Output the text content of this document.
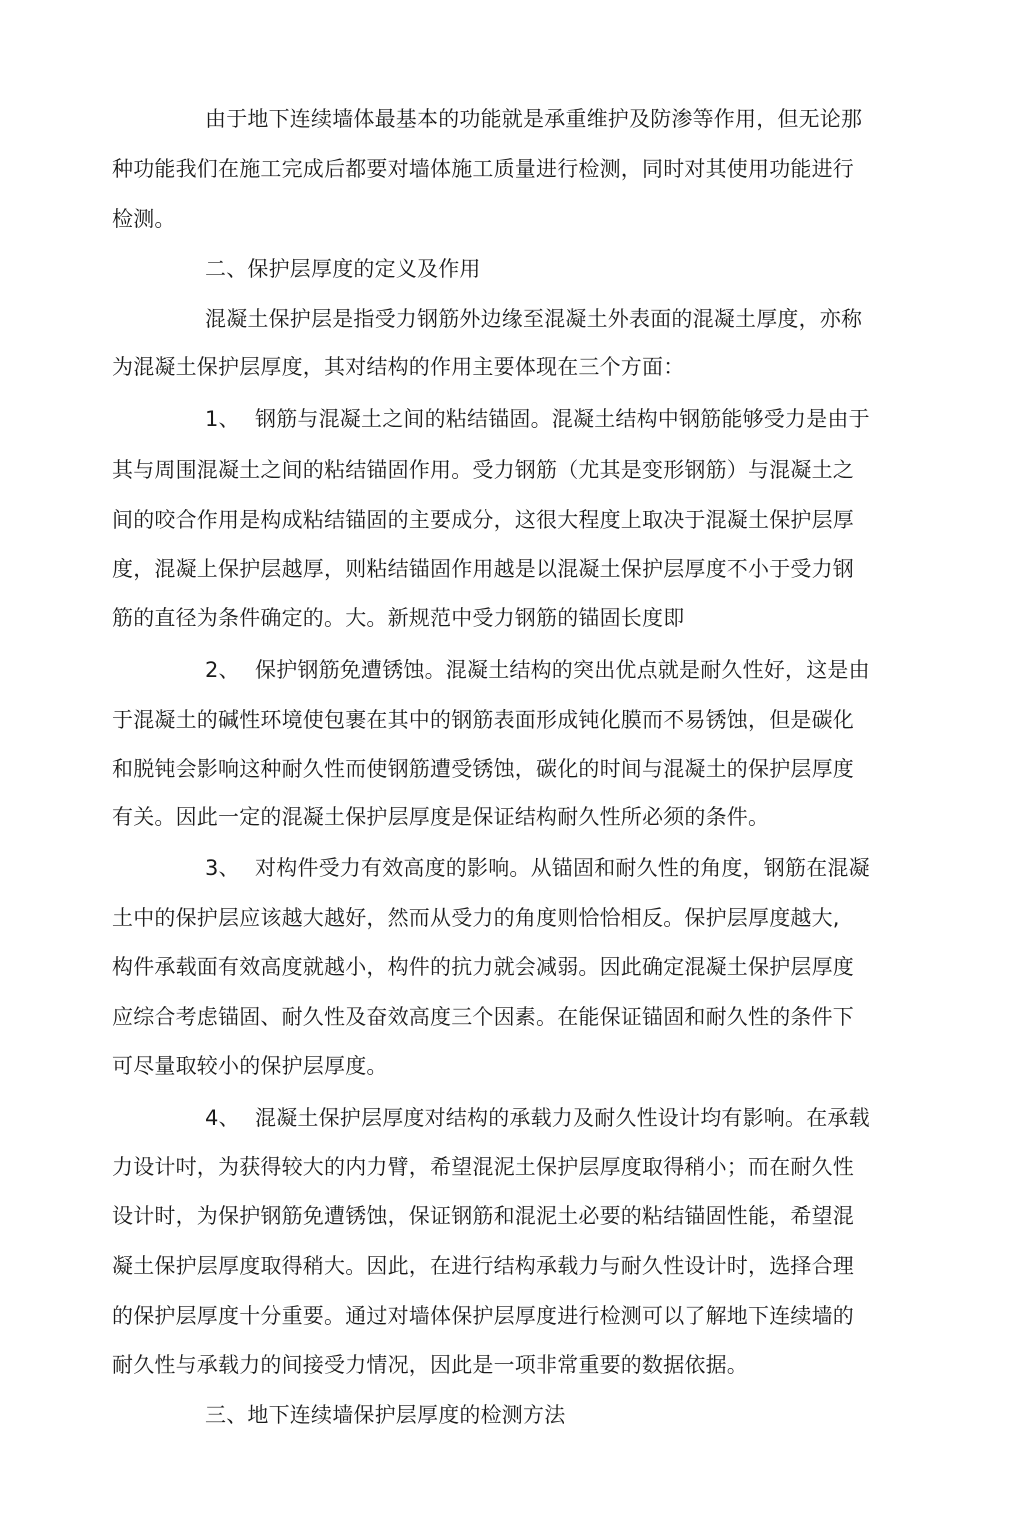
由于地下连续墙体最基本的功能就是承重维护及防渗等作用，但无论那
种功能我们在施工完成后都要对墙体施工质量进行检测，同时对其使用功能进行
检测。
二、保护层厚度的定义及作用
混凝土保护层是指受力钢筋外边缘至混凝土外表面的混凝土厚度，亦称
为混凝土保护层厚度，其对结构的作用主要体现在三个方面：
1、 钢筋与混凝土之间的粘结锚固。混凝土结构中钢筋能够受力是由于
其与周围混凝土之间的粘结锚固作用。受力钢筋（尤其是变形钢筋）与混凝土之
间的咬合作用是构成粘结锚固的主要成分，这很大程度上取决于混凝土保护层厚
度，混凝上保护层越厚，则粘结锚固作用越是以混凝土保护层厚度不小于受力钢
筋的直径为条件确定的。大。新规范中受力钢筋的锚固长度即
2、 保护钢筋免遭锈蚀。混凝土结构的突出优点就是耐久性好，这是由
于混凝土的碱性环境使包裹在其中的钢筋表面形成钝化膜而不易锈蚀，但是碳化
和脱钝会影响这种耐久性而使钢筋遭受锈蚀，碳化的时间与混凝土的保护层厚度
有关。因此一定的混凝土保护层厚度是保证结构耐久性所必须的条件。
3、 对构件受力有效高度的影响。从锚固和耐久性的角度，钢筋在混凝
土中的保护层应该越大越好，然而从受力的角度则恰恰相反。保护层厚度越大,
构件承载面有效高度就越小，构件的抗力就会减弱。因此确定混凝土保护层厚度
应综合考虑锚固、耐久性及奋效高度三个因素。在能保证锚固和耐久性的条件下
可尽量取较小的保护层厚度。
4、 混凝土保护层厚度对结构的承载力及耐久性设计均有影响。在承载
力设计吋，为获得较大的内力臂，希望混泥土保护层厚度取得稍小；而在耐久性
设计时，为保护钢筋免遭锈蚀，保证钢筋和混泥土必要的粘结锚固性能，希望混
凝土保护层厚度取得稍大。因此，在进行结构承载力与耐久性设计时，选择合理
的保护层厚度十分重要。通过对墙体保护层厚度进行检测可以了解地下连续墙的
耐久性与承载力的间接受力情况，因此是一项非常重要的数据依据。
三、地下连续墙保护层厚度的检测方法
